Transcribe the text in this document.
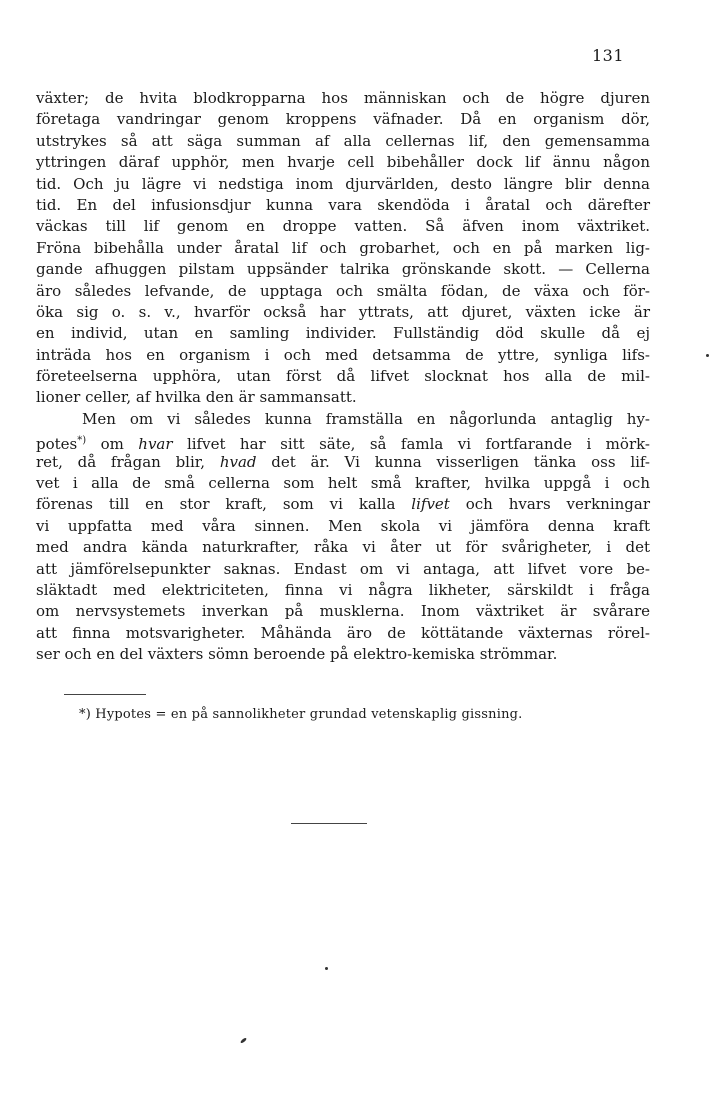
131
växter; de hvita blodkropparna hos människan och de högre djuren
företaga vandringar genom kroppens väfnader. Då en organism dör,
utstrykes så att säga summan af alla cellernas lif, den gemensamma
yttringen däraf upphör, men hvarje cell bibehåller dock lif ännu någon
tid. Och ju lägre vi nedstiga inom djurvärlden, desto längre blir denna
tid. En del infusionsdjur kunna vara skendöda i åratal och därefter
väckas till lif genom en droppe vatten. Så äfven inom växtriket.
Fröna bibehålla under åratal lif och grobarhet, och en på marken lig-
gande afhuggen pilstam uppsänder talrika grönskande skott. — Cellerna
äro således lefvande, de upptaga och smälta födan, de växa och för-
öka sig o. s. v., hvarför också har yttrats, att djuret, växten icke är
en individ, utan en samling individer. Fullständig död skulle då ej
inträda hos en organism i och med detsamma de yttre, synliga lifs-
företeelserna upphöra, utan först då lifvet slocknat hos alla de mil-
lioner celler, af hvilka den är sammansatt.
Men om vi således kunna framställa en någorlunda antaglig hy-
potes*) om hvar lifvet har sitt säte, så famla vi fortfarande i mörk-
ret, då frågan blir, hvad det är. Vi kunna visserligen tänka oss lif-
vet i alla de små cellerna som helt små krafter, hvilka uppgå i och
förenas till en stor kraft, som vi kalla lifvet och hvars verkningar
vi uppfatta med våra sinnen. Men skola vi jämföra denna kraft
med andra kända naturkrafter, råka vi åter ut för svårigheter, i det
att jämförelsepunkter saknas. Endast om vi antaga, att lifvet vore be-
släktadt med elektriciteten, finna vi några likheter, särskildt i fråga
om nervsystemets inverkan på musklerna. Inom växtriket är svårare
att finna motsvarigheter. Måhända äro de köttätande växternas rörel-
ser och en del växters sömn beroende på elektro-kemiska strömmar.
*) Hypotes = en på sannolikheter grundad vetenskaplig gissning.
